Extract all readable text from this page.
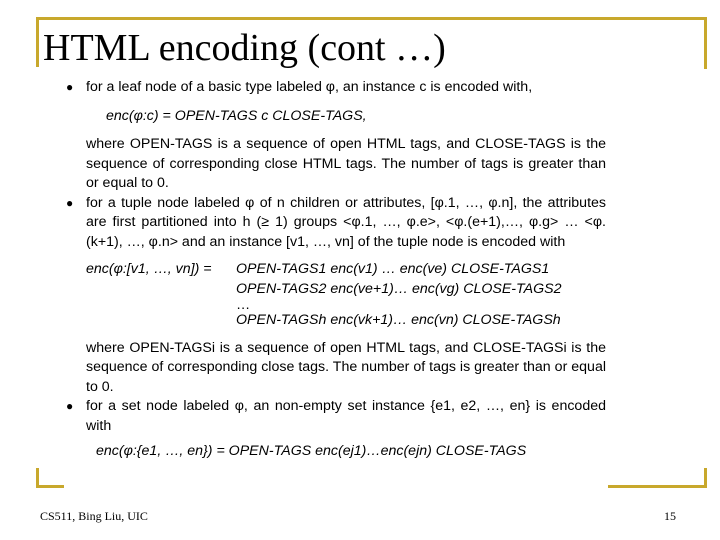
HTML encoding (cont …)
● for a leaf node of a basic type labeled φ, an instance c is encoded with,
enc(φ:c) = OPEN-TAGS c CLOSE-TAGS,
where OPEN-TAGS is a sequence of open HTML tags, and CLOSE-TAGS is the sequence of corresponding close HTML tags. The number of tags is greater than or equal to 0.
● for a tuple node labeled φ of n children or attributes, [φ.1, …, φ.n], the attributes are first partitioned into h (≥ 1) groups <φ.1, …, φ.e>, <φ.(e+1),…, φ.g> … <φ.(k+1), …, φ.n> and an instance [v1, …, vn] of the tuple node is encoded with
enc(φ:[v1, …, vn]) =	OPEN-TAGS1 enc(v1) … enc(ve) CLOSE-TAGS1
OPEN-TAGS2 enc(ve+1)… enc(vg) CLOSE-TAGS2
…
OPEN-TAGSh enc(vk+1)… enc(vn) CLOSE-TAGSh
where OPEN-TAGSi is a sequence of open HTML tags, and CLOSE-TAGSi is the sequence of corresponding close tags. The number of tags is greater than or equal to 0.
● for a set node labeled φ, an non-empty set instance {e1, e2, …, en} is encoded with
enc(φ:{e1, …, en}) = OPEN-TAGS enc(ej1)…enc(ejn) CLOSE-TAGS
CS511, Bing Liu, UIC	15
